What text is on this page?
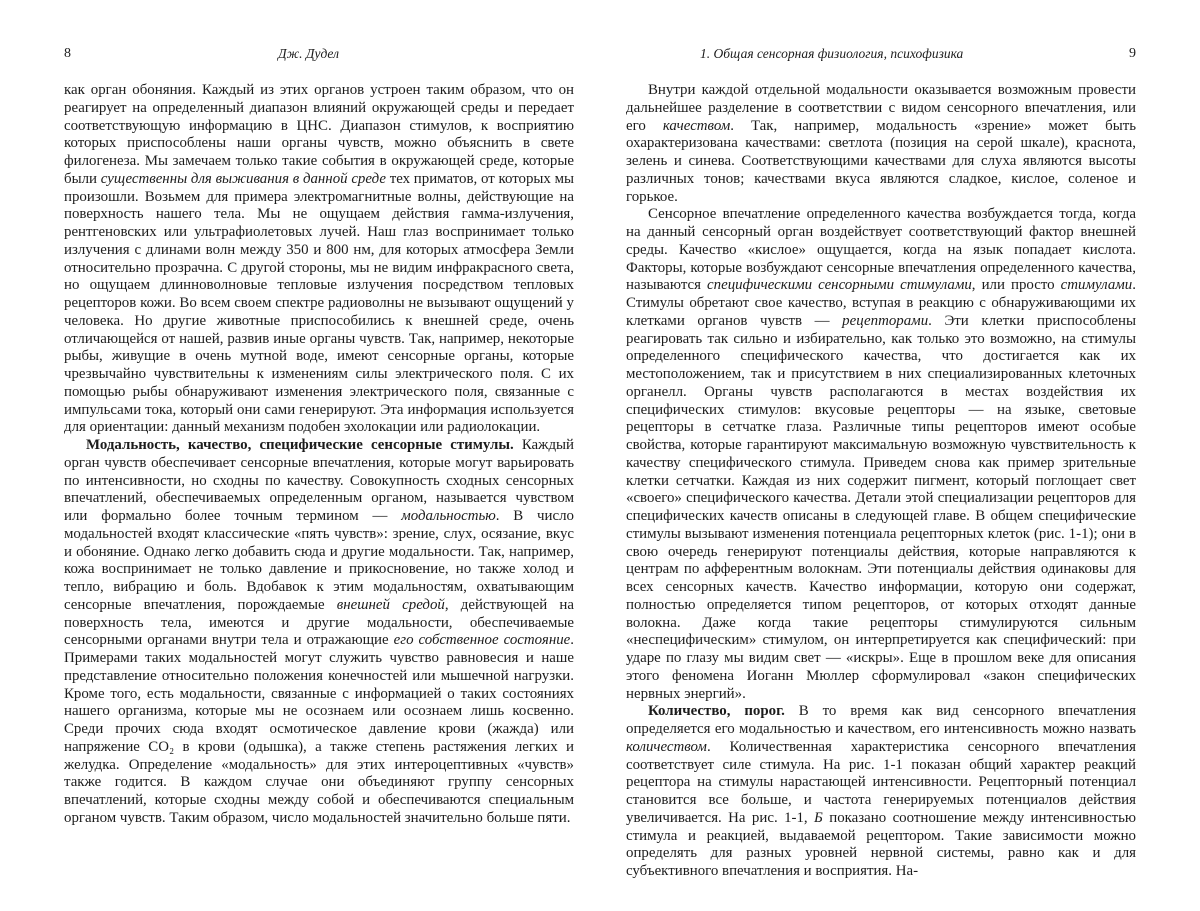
8	Дж. Дудел

как орган обоняния. Каждый из этих органов устроен таким образом, что он реагирует на определенный диапазон влияний окружающей среды и передает соответствующую информацию в ЦНС. Диапазон стимулов, к восприятию которых приспособлены наши органы чувств, можно объяснить в свете филогенеза. Мы замечаем только такие события в окружающей среде, которые были существенны для выживания в данной среде тех приматов, от которых мы произошли. Возьмем для примера электромагнитные волны, действующие на поверхность нашего тела. Мы не ощущаем действия гамма-излучения, рентгеновских или ультрафиолетовых лучей. Наш глаз воспринимает только излучения с длинами волн между 350 и 800 нм, для которых атмосфера Земли относительно прозрачна. С другой стороны, мы не видим инфракрасного света, но ощущаем длинноволновые тепловые излучения посредством тепловых рецепторов кожи. Во всем своем спектре радиоволны не вызывают ощущений у человека. Но другие животные приспособились к внешней среде, очень отличающейся от нашей, развив иные органы чувств. Так, например, некоторые рыбы, живущие в очень мутной воде, имеют сенсорные органы, которые чрезвычайно чувствительны к изменениям силы электрического поля. С их помощью рыбы обнаруживают изменения электрического поля, связанные с импульсами тока, который они сами генерируют. Эта информация используется для ориентации: данный механизм подобен эхолокации или радиолокации.

Модальность, качество, специфические сенсорные стимулы. Каждый орган чувств обеспечивает сенсорные впечатления, которые могут варьировать по интенсивности, но сходны по качеству. Совокупность сходных сенсорных впечатлений, обеспечиваемых определенным органом, называется чувством или формально более точным термином — модальностью. В число модальностей входят классические «пять чувств»: зрение, слух, осязание, вкус и обоняние. Однако легко добавить сюда и другие модальности. Так, например, кожа воспринимает не только давление и прикосновение, но также холод и тепло, вибрацию и боль. Вдобавок к этим модальностям, охватывающим сенсорные впечатления, порождаемые внешней средой, действующей на поверхность тела, имеются и другие модальности, обеспечиваемые сенсорными органами внутри тела и отражающие его собственное состояние. Примерами таких модальностей могут служить чувство равновесия и наше представление относительно положения конечностей или мышечной нагрузки. Кроме того, есть модальности, связанные с информацией о таких состояниях нашего организма, которые мы не осознаем или осознаем лишь косвенно. Среди прочих сюда входят осмотическое давление крови (жажда) или напряжение CO₂ в крови (одышка), а также степень растяжения легких и желудка. Определение «модальность» для этих интероцептивных «чувств» также годится. В каждом случае они объединяют группу сенсорных впечатлений, которые сходны между собой и обеспечиваются специальным органом чувств. Таким образом, число модальностей значительно больше пяти.

1. Общая сенсорная физиология, психофизика	9

Внутри каждой отдельной модальности оказывается возможным провести дальнейшее разделение в соответствии с видом сенсорного впечатления, или его качеством. Так, например, модальность «зрение» может быть охарактеризована качествами: светлота (позиция на серой шкале), краснота, зелень и синева. Соответствующими качествами для слуха являются высоты различных тонов; качествами вкуса являются сладкое, кислое, соленое и горькое.

Сенсорное впечатление определенного качества возбуждается тогда, когда на данный сенсорный орган воздействует соответствующий фактор внешней среды. Качество «кислое» ощущается, когда на язык попадает кислота. Факторы, которые возбуждают сенсорные впечатления определенного качества, называются специфическими сенсорными стимулами, или просто стимулами. Стимулы обретают свое качество, вступая в реакцию с обнаруживающими их клетками органов чувств — рецепторами. Эти клетки приспособлены реагировать так сильно и избирательно, как только это возможно, на стимулы определенного специфического качества, что достигается как их местоположением, так и присутствием в них специализированных клеточных органелл. Органы чувств располагаются в местах воздействия их специфических стимулов: вкусовые рецепторы — на языке, световые рецепторы в сетчатке глаза. Различные типы рецепторов имеют особые свойства, которые гарантируют максимальную возможную чувствительность к качеству специфического стимула. Приведем снова как пример зрительные клетки сетчатки. Каждая из них содержит пигмент, который поглощает свет «своего» специфического качества. Детали этой специализации рецепторов для специфических качеств описаны в следующей главе. В общем специфические стимулы вызывают изменения потенциала рецепторных клеток (рис. 1-1); они в свою очередь генерируют потенциалы действия, которые направляются к центрам по афферентным волокнам. Эти потенциалы действия одинаковы для всех сенсорных качеств. Качество информации, которую они содержат, полностью определяется типом рецепторов, от которых отходят данные волокна. Даже когда такие рецепторы стимулируются сильным «неспецифическим» стимулом, он интерпретируется как специфический: при ударе по глазу мы видим свет — «искры». Еще в прошлом веке для описания этого феномена Иоганн Мюллер сформулировал «закон специфических нервных энергий».

Количество, порог. В то время как вид сенсорного впечатления определяется его модальностью и качеством, его интенсивность можно назвать количеством. Количественная характеристика сенсорного впечатления соответствует силе стимула. На рис. 1-1 показан общий характер реакций рецептора на стимулы нарастающей интенсивности. Рецепторный потенциал становится все больше, и частота генерируемых потенциалов действия увеличивается. На рис. 1-1, Б показано соотношение между интенсивностью стимула и реакцией, выдаваемой рецептором. Такие зависимости можно определять для разных уровней нервной системы, равно как и для субъективного впечатления и восприятия. На-
